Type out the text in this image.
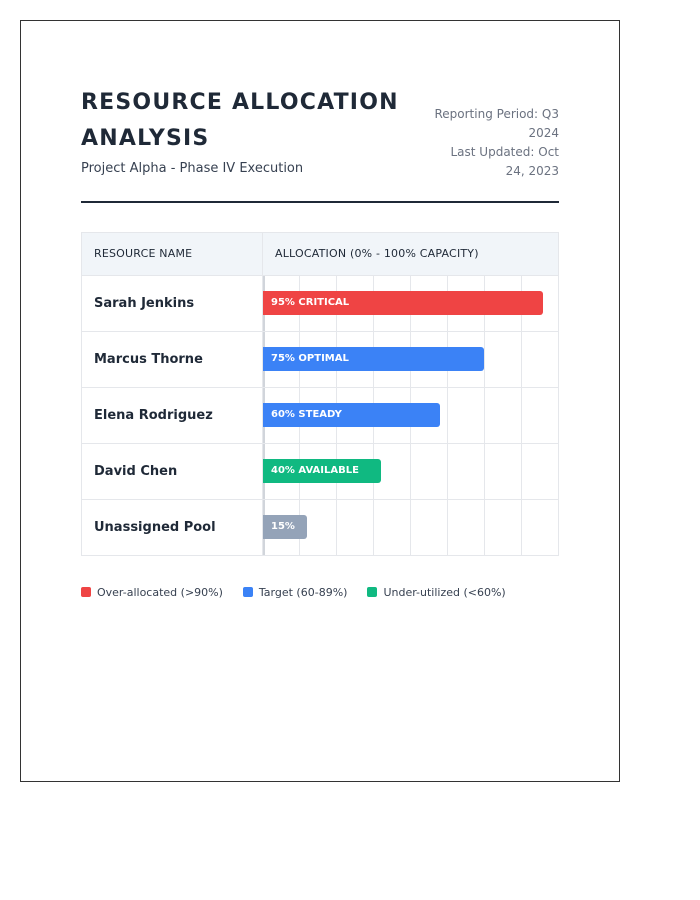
RESOURCE ALLOCATION ANALYSIS
Project Alpha - Phase IV Execution
Reporting Period: Q3 2024
Last Updated: Oct 24, 2023
RESOURCE NAME	ALLOCATION (0% - 100% CAPACITY)
Sarah Jenkins	95% CRITICAL
Marcus Thorne	75% OPTIMAL
Elena Rodriguez	60% STEADY
David Chen	40% AVAILABLE
Unassigned Pool	15%
Over-allocated (>90%)	Target (60-89%)	Under-utilized (<60%)
